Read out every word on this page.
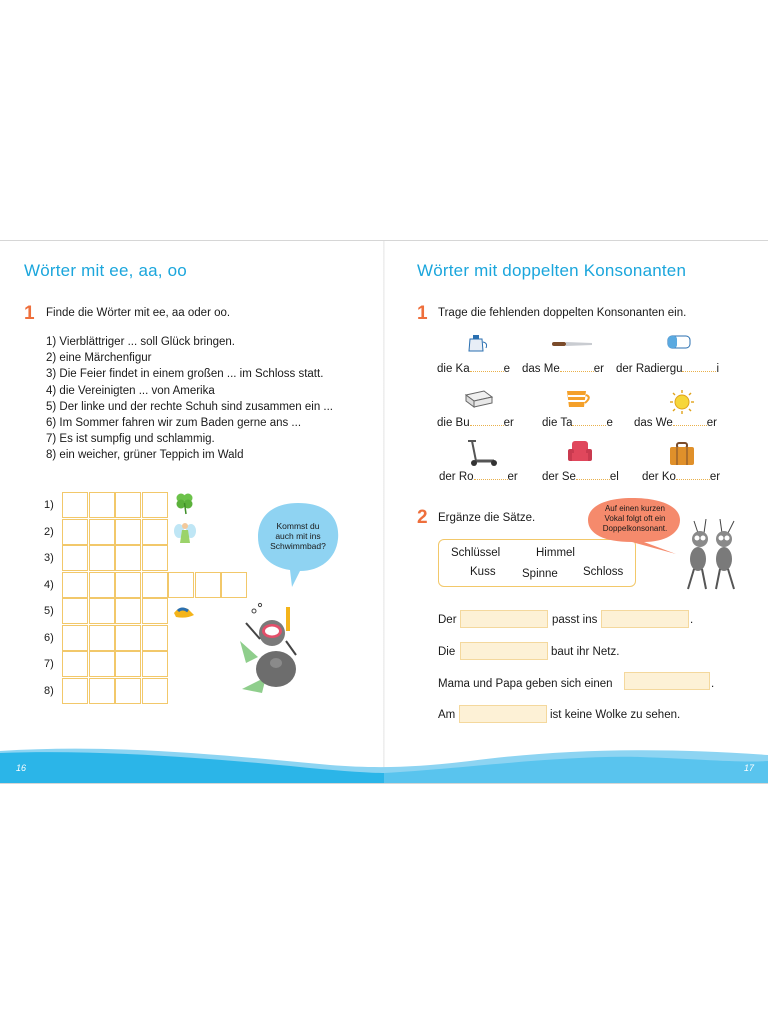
Wörter mit ee, aa, oo
1 Finde die Wörter mit ee, aa oder oo.
1) Vierblättriger ... soll Glück bringen.
2) eine Märchenfigur
3) Die Feier findet in einem großen ... im Schloss statt.
4) die Vereinigten ... von Amerika
5) Der linke und der rechte Schuh sind zusammen ein ...
6) Im Sommer fahren wir zum Baden gerne ans ...
7) Es ist sumpfig und schlammig.
8) ein weicher, grüner Teppich im Wald
Kommst du
auch mit ins
Schwimmbad?
Wörter mit doppelten Konsonanten
1 Trage die fehlenden doppelten Konsonanten ein.
die Ka	e das Me	er der Radiergu	i
die Bu	er die Ta	e das We	er
der Ro	er der Se	el der Ko	er
2 Ergänze die Sätze.
Schlüssel	Himmel
Kuss Spinne Schloss
Auf einen kurzen
Vokal folgt oft ein
Doppelkonsonant.
Der	passt ins	.
Die	baut ihr Netz.
Mama und Papa geben sich einen	.
Am	ist keine Wolke zu sehen.
16	17
1)
2)
3)
4)
5)
6)
7)
8)
